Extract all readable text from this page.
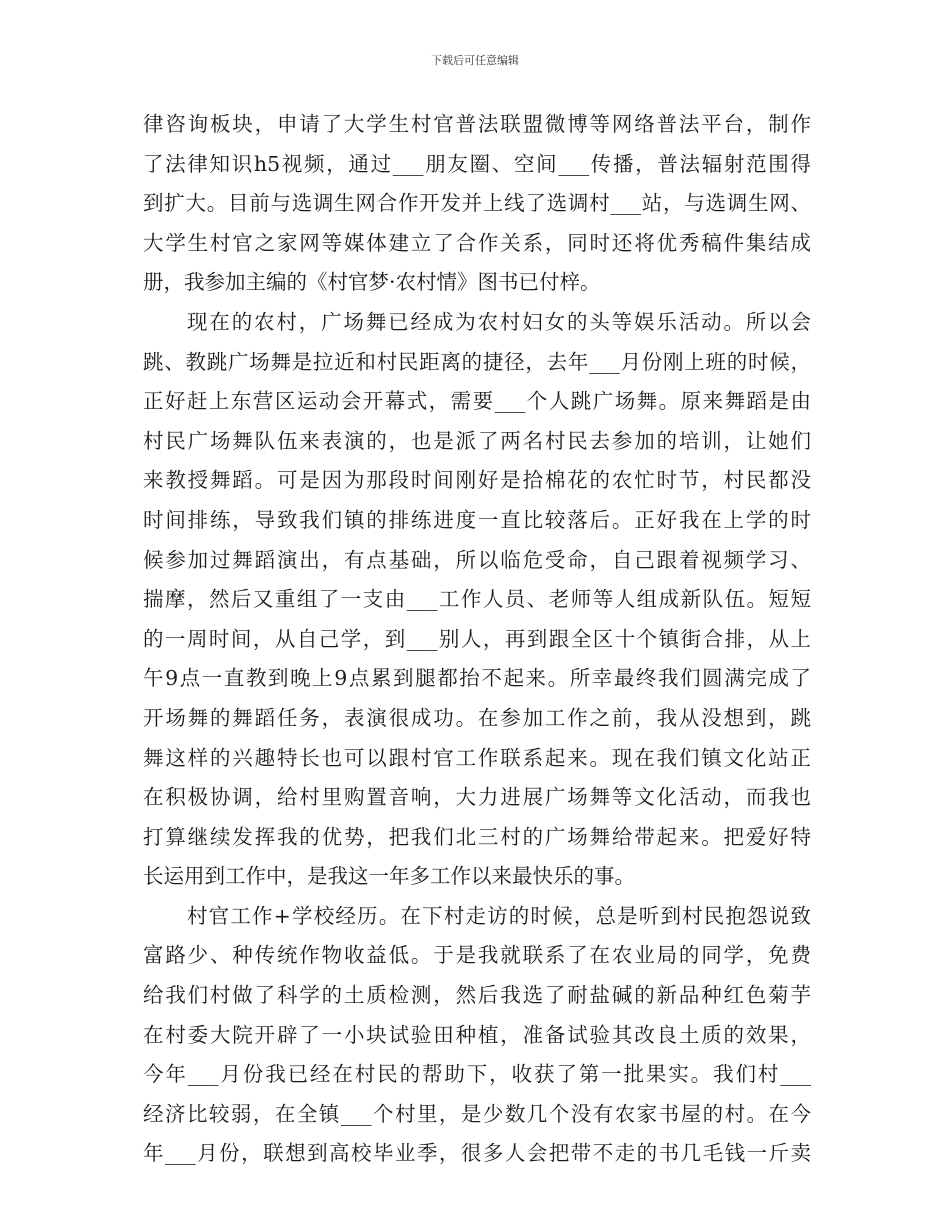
下载后可任意编辑
律咨询板块，申请了大学生村官普法联盟微博等网络普法平台，制作
了法律知识h5视频，通过___朋友圈、空间___传播，普法辐射范围得
到扩大。目前与选调生网合作开发并上线了选调村___站，与选调生网、
大学生村官之家网等媒体建立了合作关系，同时还将优秀稿件集结成
册，我参加主编的《村官梦·农村情》图书已付梓。
现在的农村，广场舞已经成为农村妇女的头等娱乐活动。所以会
跳、教跳广场舞是拉近和村民距离的捷径，去年___月份刚上班的时候，
正好赶上东营区运动会开幕式，需要___个人跳广场舞。原来舞蹈是由
村民广场舞队伍来表演的，也是派了两名村民去参加的培训，让她们
来教授舞蹈。可是因为那段时间刚好是拾棉花的农忙时节，村民都没
时间排练，导致我们镇的排练进度一直比较落后。正好我在上学的时
候参加过舞蹈演出，有点基础，所以临危受命，自己跟着视频学习、
揣摩，然后又重组了一支由___工作人员、老师等人组成新队伍。短短
的一周时间，从自己学，到___别人，再到跟全区十个镇街合排，从上
午9点一直教到晚上9点累到腿都抬不起来。所幸最终我们圆满完成了
开场舞的舞蹈任务，表演很成功。在参加工作之前，我从没想到，跳
舞这样的兴趣特长也可以跟村官工作联系起来。现在我们镇文化站正
在积极协调，给村里购置音响，大力进展广场舞等文化活动，而我也
打算继续发挥我的优势，把我们北三村的广场舞给带起来。把爱好特
长运用到工作中，是我这一年多工作以来最快乐的事。
村官工作+学校经历。在下村走访的时候，总是听到村民抱怨说致
富路少、种传统作物收益低。于是我就联系了在农业局的同学，免费
给我们村做了科学的土质检测，然后我选了耐盐碱的新品种红色菊芋
在村委大院开辟了一小块试验田种植，准备试验其改良土质的效果，
今年___月份我已经在村民的帮助下，收获了第一批果实。我们村___
经济比较弱，在全镇___个村里，是少数几个没有农家书屋的村。在今
年___月份，联想到高校毕业季，很多人会把带不走的书几毛钱一斤卖
